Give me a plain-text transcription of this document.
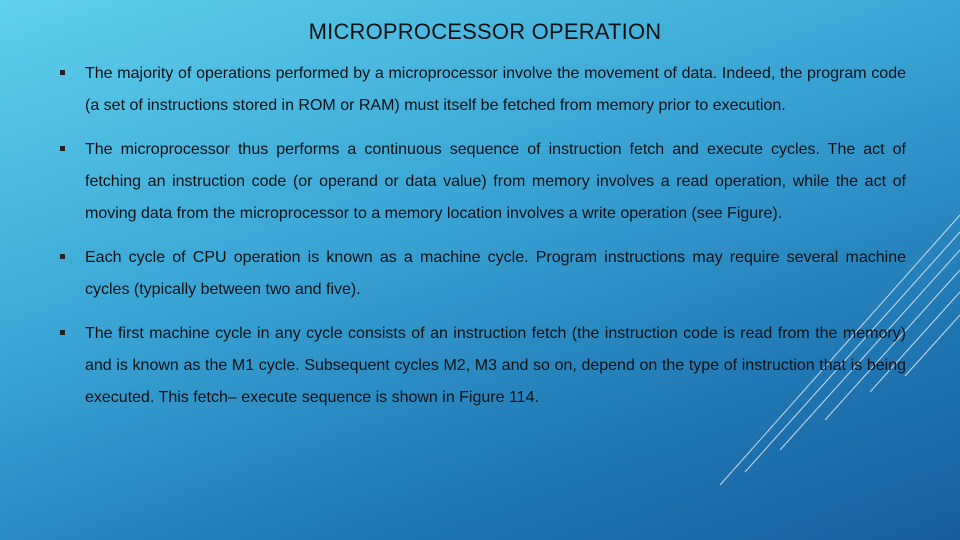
MICROPROCESSOR OPERATION
The majority of operations performed by a microprocessor involve the movement of data. Indeed, the program code (a set of instructions stored in ROM or RAM) must itself be fetched from memory prior to execution.
The microprocessor thus performs a continuous sequence of instruction fetch and execute cycles. The act of fetching an instruction code (or operand or data value) from memory involves a read operation, while the act of moving data from the microprocessor to a memory location involves a write operation (see Figure).
Each cycle of CPU operation is known as a machine cycle. Program instructions may require several machine cycles (typically between two and five).
The first machine cycle in any cycle consists of an instruction fetch (the instruction code is read from the memory) and is known as the M1 cycle. Subsequent cycles M2, M3 and so on, depend on the type of instruction that is being executed. This fetch– execute sequence is shown in Figure 114.
